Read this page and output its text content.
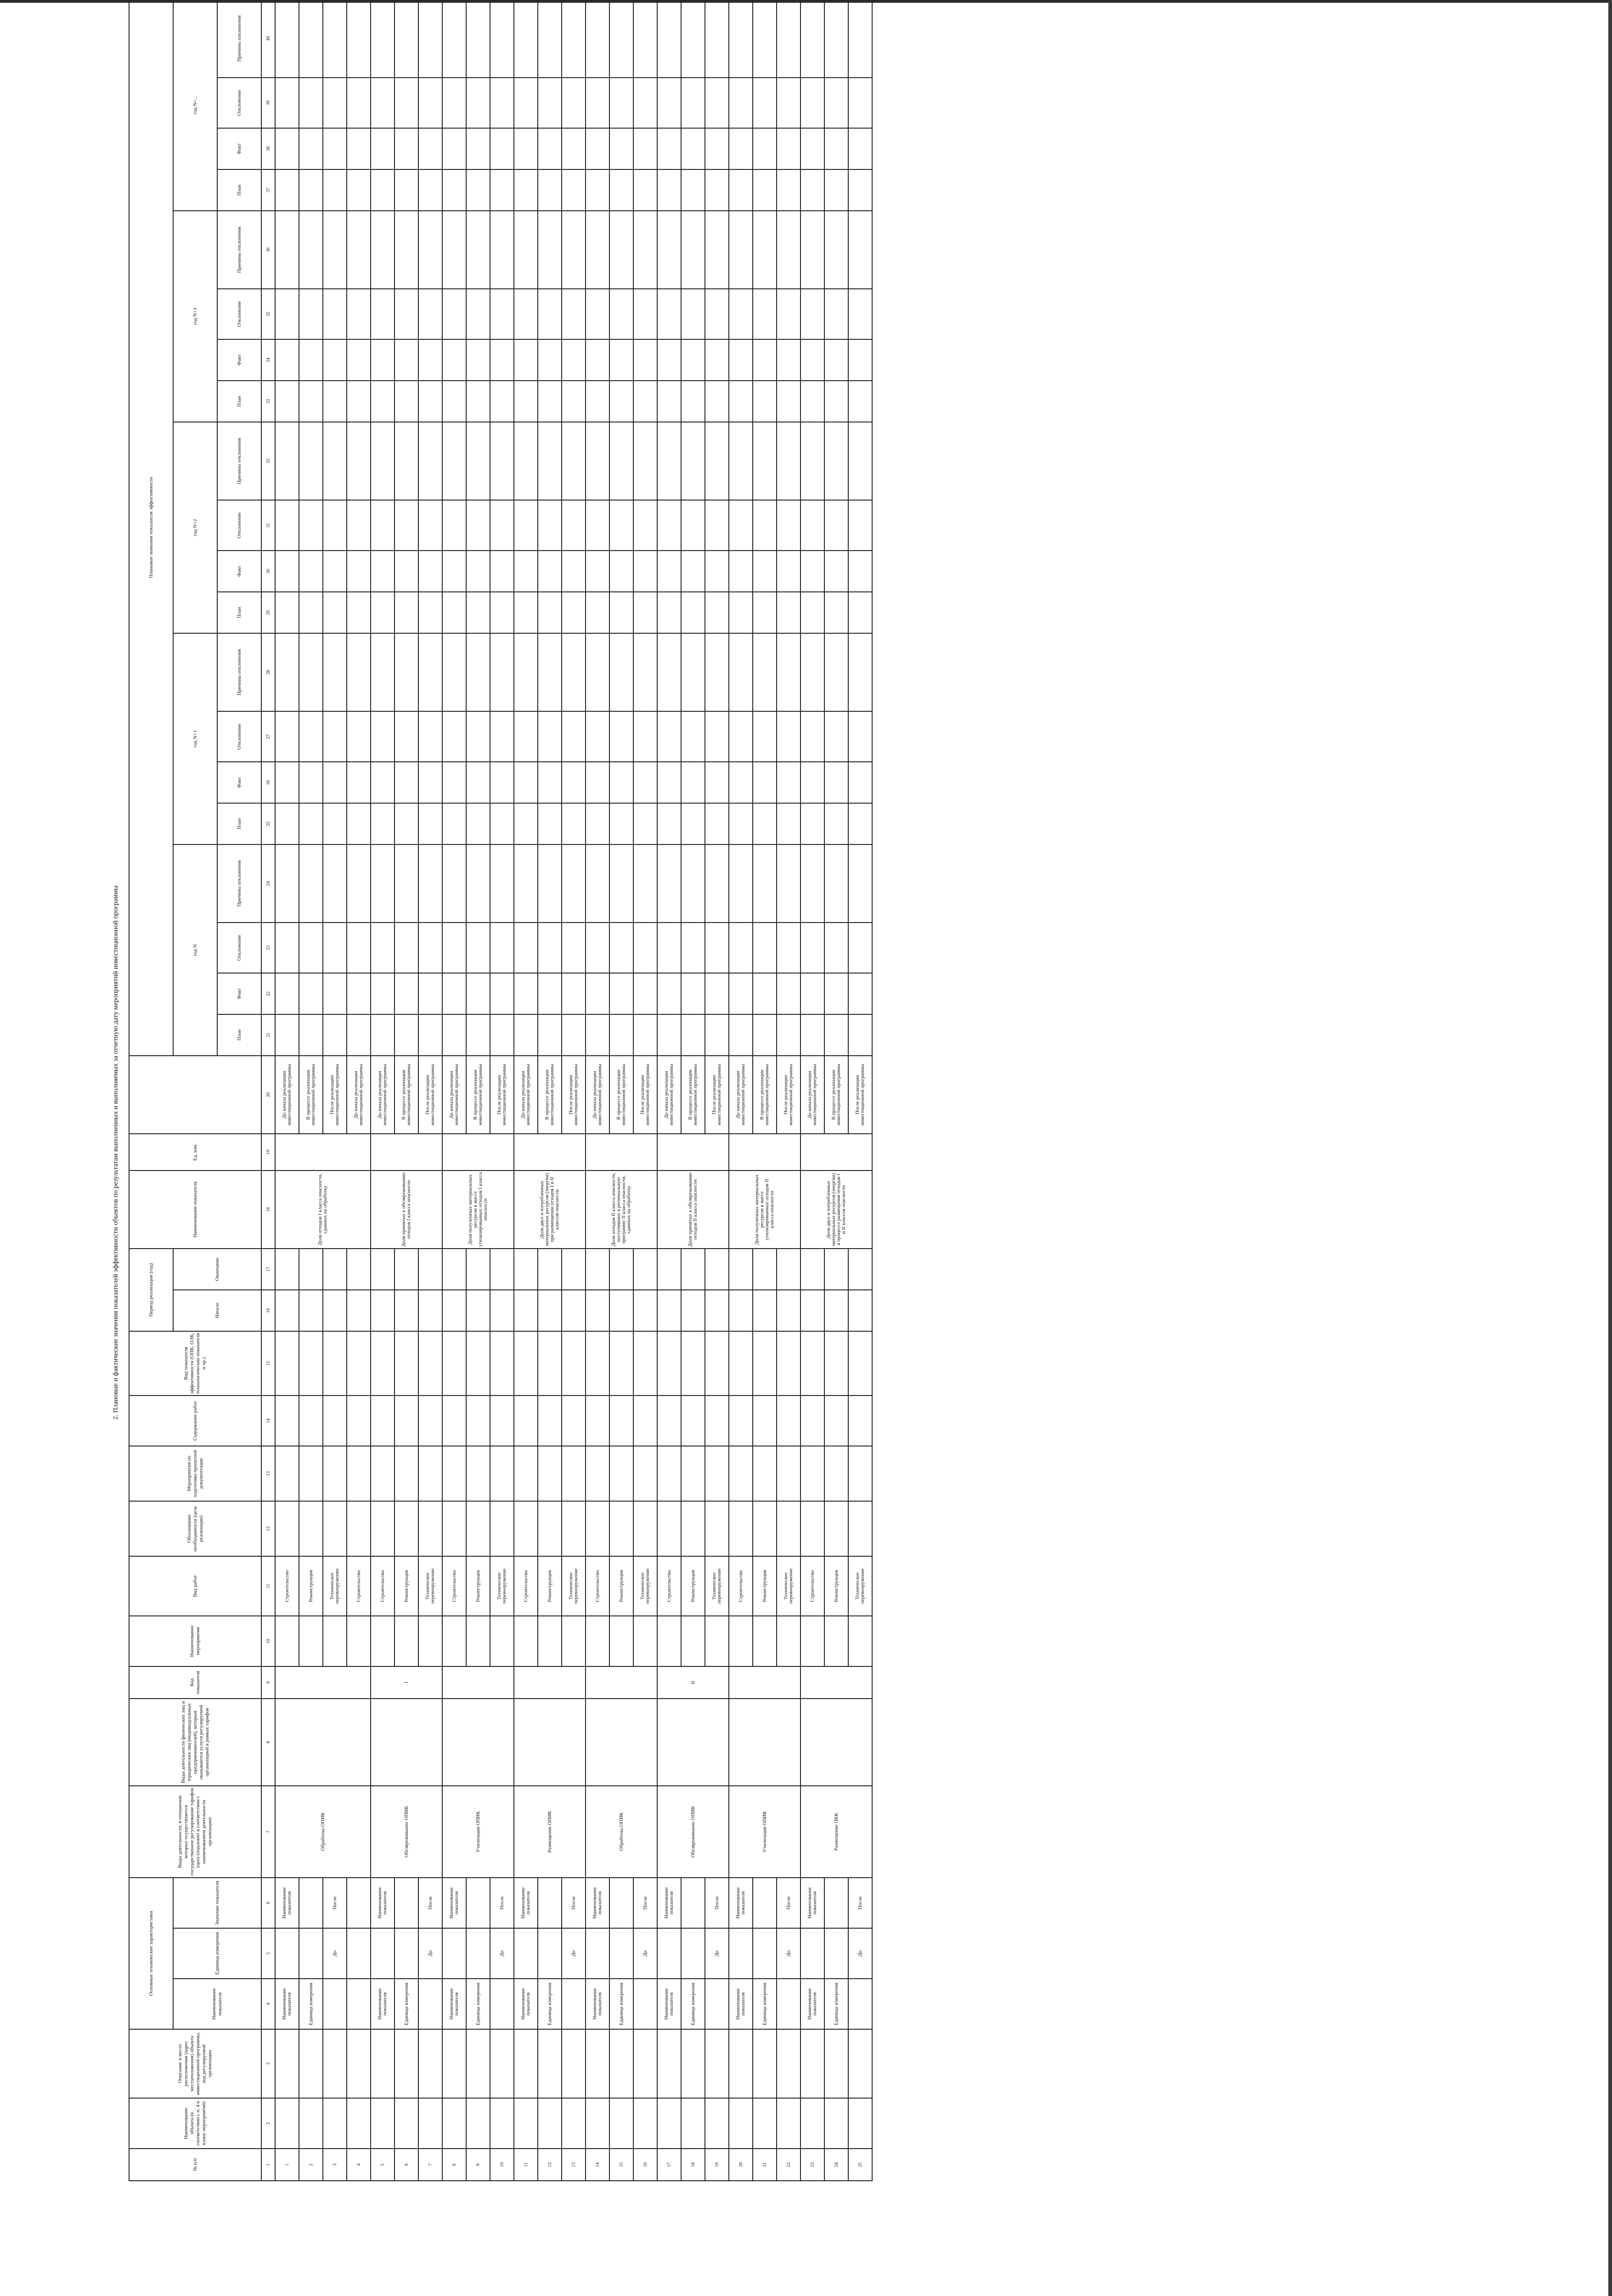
2. Плановые и фактические значения показателей эффективности объектов по результатам выполненных и выполняемых за отчетную дату мероприятий инвестиционной программы
№ п/п	Наименование объекта (в соответствии с п. 4 к плану мероприятий)	Описание и место расположения (адрес местоположения) объекта инвестиционной программы, код регулируемой организации	Основные технические характеристики			Виды деятельности, в отношении которых осуществляется государственное регулирование тарифов (цен) (подлежит в соответствии с наименованием деятельности организации)	Виды деятельности физических лиц и юридических лиц (индивидуальных предпринимателей), которым оказываются услуги регулируемой организацией в рамках тарифов	Код показателя	Наименование мероприятия	Вид работ	Обоснование необходимости (цель реализации)	Мероприятия по подготовке проектной документации	Содержание работ	Вид показателя эффективности (ОПК, ОЭК, технологические показатели и пр.)	Период реализации (год)		Наименование показателя	Ед. изм.		Плановые значения показателя эффективности																			
			Наименование показателя	Единица измерения	Значение показателя										Начало	Окончание				год N				год N+1				год N+2				год N+3				год N+...			
																				План	Факт	Отклонение	Причины отклонения	План	Факт	Отклонение	Причины отклонения	План	Факт	Отклонение	Причины отклонения	План	Факт	Отклонение	Причины отклонения	План	Факт	Отклонение	Причины отклонения
1	2	3	4	5	6	7	8	9	10	11	12	13	14	15	16	17	18	19	20	21	22	23	24	25	26	27	28	29	30	31	32	33	34	35	36	37	38	39	40
1			Наименование показателя		Наименование показателя	Обработка ОПИК				Строительство							Доля отходов I класса опасности, сданных на обработку		До начала реализации инвестиционной программы																				
2			Единица измерения							Реконструкция									В процессе реализации инвестиционной программы																				
3				До	После					Техническое перевооружение									После реализации инвестиционной программы																				
4										Строительство									До начала реализации инвестиционной программы																				
5			Наименование показателя		Наименование показателя	Обезвреживание ОПИК		I		Строительство							Доля принятых к обезвреживанию отходов I класса опасности		До начала реализации инвестиционной программы																				
6			Единица измерения							Реконструкция									В процессе реализации инвестиционной программы																				
7				До	После					Техническое перевооружение									После реализации инвестиционной программы																				
8			Наименование показателя		Наименование показателя	Утилизация ОПИК				Строительство							Доля полученных материальных ресурсов в массе утилизированных отходов I класса опасности		До начала реализации инвестиционной программы																				
9			Единица измерения							Реконструкция									В процессе реализации инвестиционной программы																				
10				До	После					Техническое перевооружение									После реализации инвестиционной программы																				
11			Наименование показателя		Наименование показателя	Размещение ОПИК				Строительство							Доля двух и потребленных материальных ресурсов (энергии) при размещении отходов I и II классов опасности		До начала реализации инвестиционной программы																				
12			Единица измерения							Реконструкция									В процессе реализации инвестиционной программы																				
13				До	После					Техническое перевооружение									После реализации инвестиционной программы																				
14			Наименование показателя		Наименование показателя	Обработка ОПИК				Строительство							Доля отходов II класса опасности, поступивших в региональную программу II класса опасности, сданных на обработку		До начала реализации инвестиционной программы																				
15			Единица измерения							Реконструкция									В процессе реализации инвестиционной программы																				
16				До	После					Техническое перевооружение									После реализации инвестиционной программы																				
17			Наименование показателя		Наименование показателя	Обезвреживание ОПИК		II		Строительство							Доля принятых к обезвреживанию отходов II класса опасности		До начала реализации инвестиционной программы																				
18			Единица измерения							Реконструкция									В процессе реализации инвестиционной программы																				
19				До	После					Техническое перевооружение									После реализации инвестиционной программы																				
20			Наименование показателя		Наименование показателя	Утилизация ОПИК				Строительство							Доля полученных материальных ресурсов в массе утилизированных отходов II класса опасности		До начала реализации инвестиционной программы																				
21			Единица измерения							Реконструкция									В процессе реализации инвестиционной программы																				
22				До	После					Техническое перевооружение									После реализации инвестиционной программы																				
23			Наименование показателя		Наименование показателя	Размещение ПКК				Строительство							Доля двух и потребленных материальных ресурсов (энергии) в процессе размещения отходов I и II классов опасности		До начала реализации инвестиционной программы																				
24			Единица измерения							Реконструкция									В процессе реализации инвестиционной программы																				
25				До	После					Техническое перевооружение									После реализации инвестиционной программы																				
